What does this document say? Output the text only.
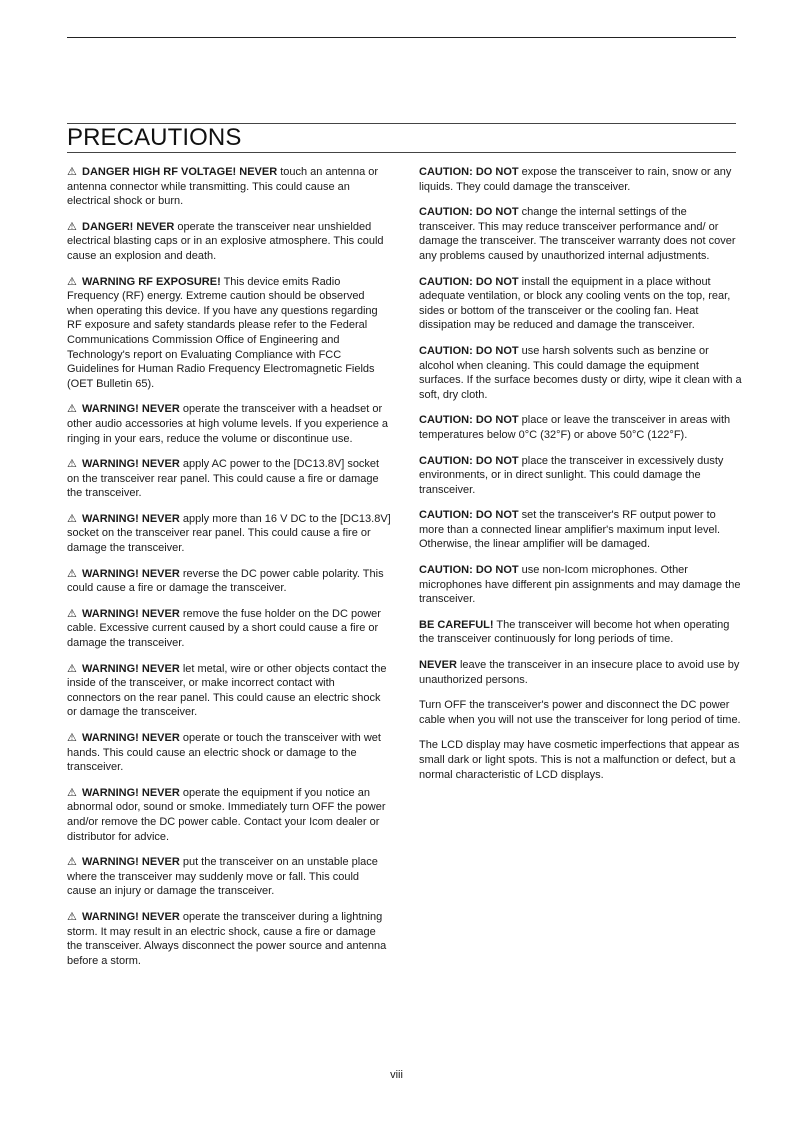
PRECAUTIONS

⚠ DANGER HIGH RF VOLTAGE! NEVER touch an antenna or antenna connector while transmitting. This could cause an electrical shock or burn.

⚠ DANGER! NEVER operate the transceiver near unshielded electrical blasting caps or in an explosive atmosphere. This could cause an explosion and death.

⚠ WARNING RF EXPOSURE! This device emits Radio Frequency (RF) energy. Extreme caution should be observed when operating this device. If you have any questions regarding RF exposure and safety standards please refer to the Federal Communications Commission Office of Engineering and Technology's report on Evaluating Compliance with FCC Guidelines for Human Radio Frequency Electromagnetic Fields (OET Bulletin 65).

⚠ WARNING! NEVER operate the transceiver with a headset or other audio accessories at high volume levels. If you experience a ringing in your ears, reduce the volume or discontinue use.

⚠ WARNING! NEVER apply AC power to the [DC13.8V] socket on the transceiver rear panel. This could cause a fire or damage the transceiver.

⚠ WARNING! NEVER apply more than 16 V DC to the [DC13.8V] socket on the transceiver rear panel. This could cause a fire or damage the transceiver.

⚠ WARNING! NEVER reverse the DC power cable polarity. This could cause a fire or damage the transceiver.

⚠ WARNING! NEVER remove the fuse holder on the DC power cable. Excessive current caused by a short could cause a fire or damage the transceiver.

⚠ WARNING! NEVER let metal, wire or other objects contact the inside of the transceiver, or make incorrect contact with connectors on the rear panel. This could cause an electric shock or damage the transceiver.

⚠ WARNING! NEVER operate or touch the transceiver with wet hands. This could cause an electric shock or damage to the transceiver.

⚠ WARNING! NEVER operate the equipment if you notice an abnormal odor, sound or smoke. Immediately turn OFF the power and/or remove the DC power cable. Contact your Icom dealer or distributor for advice.

⚠ WARNING! NEVER put the transceiver on an unstable place where the transceiver may suddenly move or fall. This could cause an injury or damage the transceiver.

⚠ WARNING! NEVER operate the transceiver during a lightning storm. It may result in an electric shock, cause a fire or damage the transceiver. Always disconnect the power source and antenna before a storm.

CAUTION: DO NOT expose the transceiver to rain, snow or any liquids. They could damage the transceiver.

CAUTION: DO NOT change the internal settings of the transceiver. This may reduce transceiver performance and/ or damage the transceiver. The transceiver warranty does not cover any problems caused by unauthorized internal adjustments.

CAUTION: DO NOT install the equipment in a place without adequate ventilation, or block any cooling vents on the top, rear, sides or bottom of the transceiver or the cooling fan. Heat dissipation may be reduced and damage the transceiver.

CAUTION: DO NOT use harsh solvents such as benzine or alcohol when cleaning. This could damage the equipment surfaces. If the surface becomes dusty or dirty, wipe it clean with a soft, dry cloth.

CAUTION: DO NOT place or leave the transceiver in areas with temperatures below 0°C (32°F) or above 50°C (122°F).

CAUTION: DO NOT place the transceiver in excessively dusty environments, or in direct sunlight. This could damage the transceiver.

CAUTION: DO NOT set the transceiver's RF output power to more than a connected linear amplifier's maximum input level. Otherwise, the linear amplifier will be damaged.

CAUTION: DO NOT use non-Icom microphones. Other microphones have different pin assignments and may damage the transceiver.

BE CAREFUL! The transceiver will become hot when operating the transceiver continuously for long periods of time.

NEVER leave the transceiver in an insecure place to avoid use by unauthorized persons.

Turn OFF the transceiver's power and disconnect the DC power cable when you will not use the transceiver for long period of time.

The LCD display may have cosmetic imperfections that appear as small dark or light spots. This is not a malfunction or defect, but a normal characteristic of LCD displays.

viii
